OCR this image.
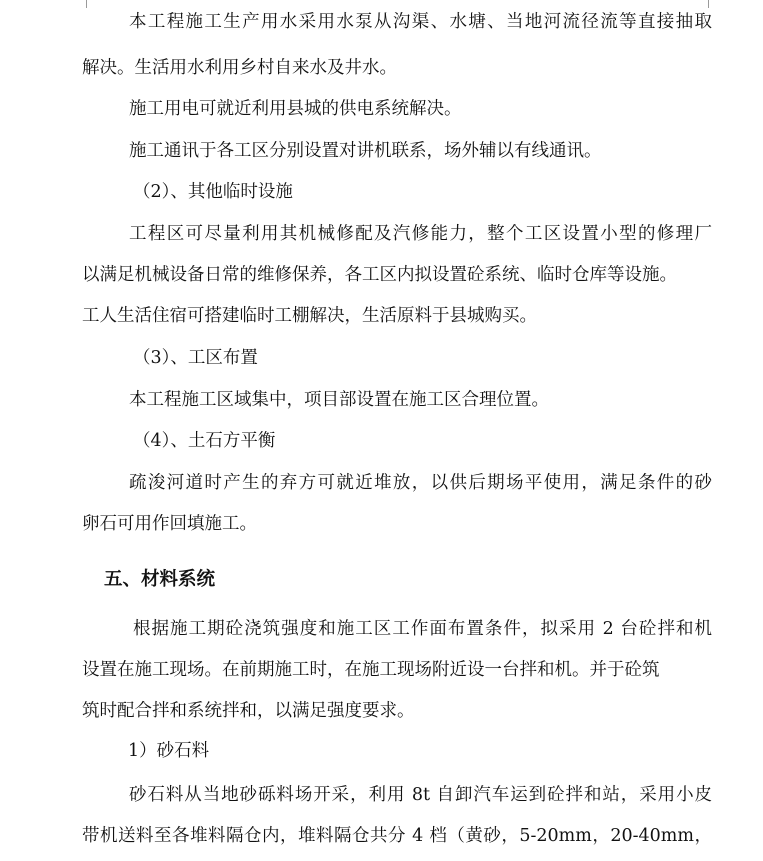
本工程施工生产用水采用水泵从沟渠、水塘、当地河流径流等直接抽取
解决。生活用水利用乡村自来水及井水。
施工用电可就近利用县城的供电系统解决。
施工通讯于各工区分别设置对讲机联系，场外辅以有线通讯。
（2）、其他临时设施
工程区可尽量利用其机械修配及汽修能力，整个工区设置小型的修理厂
以满足机械设备日常的维修保养，各工区内拟设置砼系统、临时仓库等设施。
工人生活住宿可搭建临时工棚解决，生活原料于县城购买。
（3）、工区布置
本工程施工区域集中，项目部设置在施工区合理位置。
（4）、土石方平衡
疏浚河道时产生的弃方可就近堆放，以供后期场平使用，满足条件的砂
卵石可用作回填施工。
五、材料系统
根据施工期砼浇筑强度和施工区工作面布置条件，拟采用 2 台砼拌和机
设置在施工现场。在前期施工时，在施工现场附近设一台拌和机。并于砼筑
筑时配合拌和系统拌和，以满足强度要求。
1）砂石料
砂石料从当地砂砾料场开采，利用 8t 自卸汽车运到砼拌和站，采用小皮
带机送料至各堆料隔仓内，堆料隔仓共分 4 档（黄砂，5-20mm，20-40mm，
